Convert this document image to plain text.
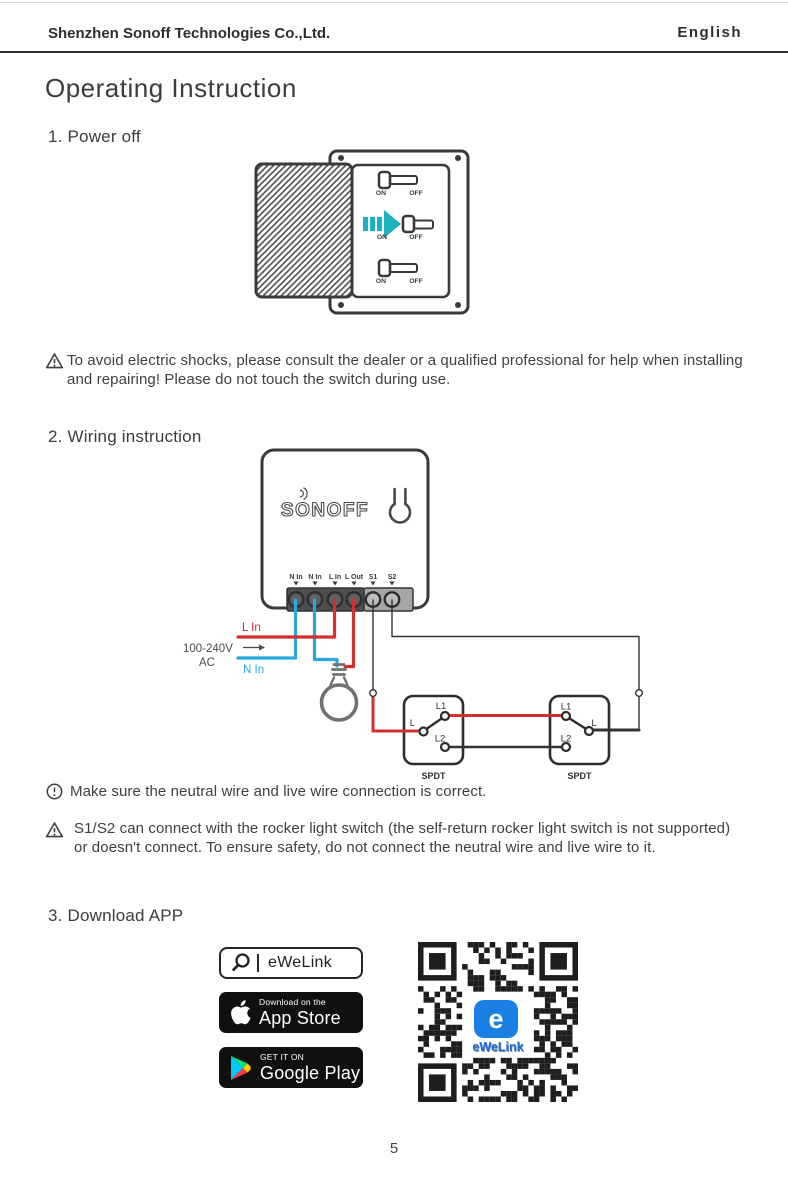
Shenzhen Sonoff Technologies Co.,Ltd.	English
Operating Instruction
1. Power off
ON	OFF
ON	OFF
ON	OFF
To avoid electric shocks, please consult the dealer or a qualified professional for help when installing and repairing! Please do not touch the switch during use.
2. Wiring instruction
SONOFF
N In N In L In L Out S1 S2
L
L1
L2
L1
L
L2
SPDT	SPDT
L In
100-240V
AC
N In
Make sure the neutral wire and live wire connection is correct.
S1/S2 can connect with the rocker light switch (the self-return rocker light switch is not supported) or doesn't connect. To ensure safety, do not connect the neutral wire and live wire to it.
3. Download APP
eWeLink
Download on the
App Store
GET IT ON
Google Play
e
eWeLink
5
